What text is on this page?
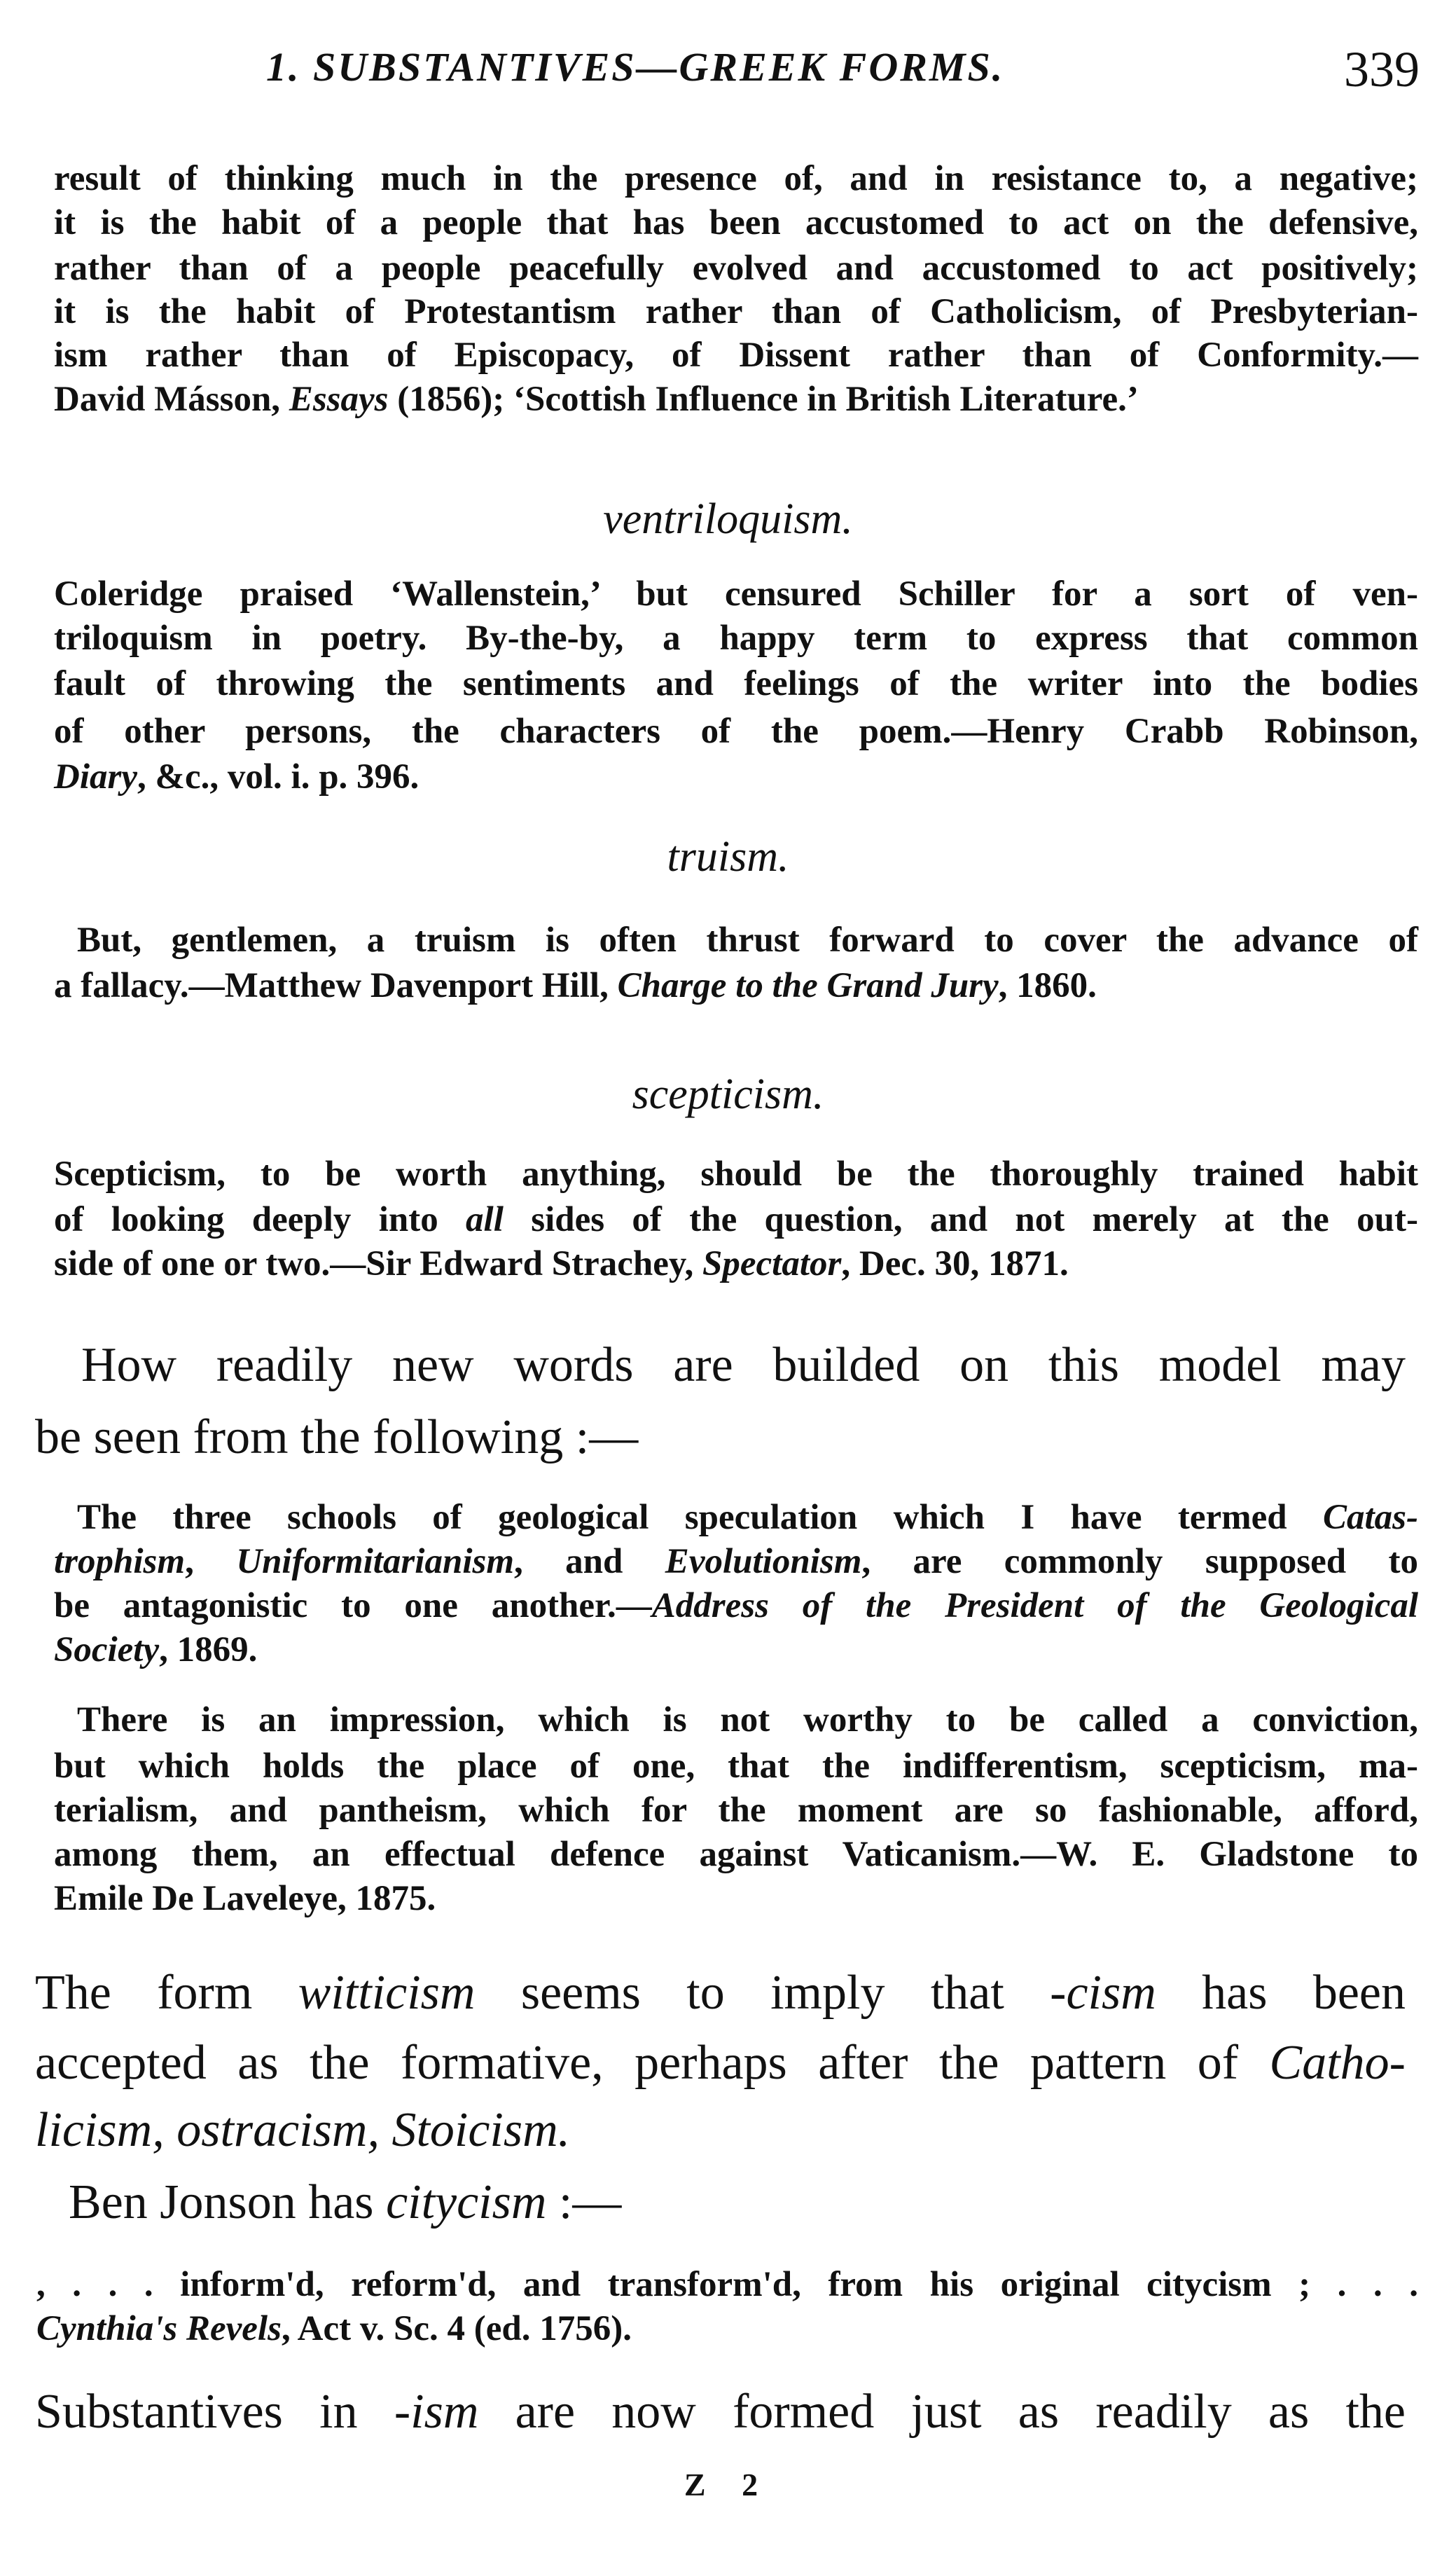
1. SUBSTANTIVES—GREEK FORMS.	339
result of thinking much in the presence of, and in resistance to, a negative;
it is the habit of a people that has been accustomed to act on the defensive,
rather than of a people peacefully evolved and accustomed to act positively;
it is the habit of Protestantism rather than of Catholicism, of Presbyterian-
ism rather than of Episcopacy, of Dissent rather than of Conformity.—
David Másson, Essays (1856); ‘Scottish Influence in British Literature.’
ventriloquism.
Coleridge praised ‘Wallenstein,’ but censured Schiller for a sort of ven-
triloquism in poetry. By-the-by, a happy term to express that common
fault of throwing the sentiments and feelings of the writer into the bodies
of other persons, the characters of the poem.—Henry Crabb Robinson,
Diary, &c., vol. i. p. 396.
truism.
But, gentlemen, a truism is often thrust forward to cover the advance of
a fallacy.—Matthew Davenport Hill, Charge to the Grand Jury, 1860.
scepticism.
Scepticism, to be worth anything, should be the thoroughly trained habit
of looking deeply into all sides of the question, and not merely at the out-
side of one or two.—Sir Edward Strachey, Spectator, Dec. 30, 1871.
How readily new words are builded on this model may
be seen from the following :—
The three schools of geological speculation which I have termed Catas-
trophism, Uniformitarianism, and Evolutionism, are commonly supposed to
be antagonistic to one another.—Address of the President of the Geological
Society, 1869.
There is an impression, which is not worthy to be called a conviction,
but which holds the place of one, that the indifferentism, scepticism, ma-
terialism, and pantheism, which for the moment are so fashionable, afford,
among them, an effectual defence against Vaticanism.—W. E. Gladstone to
Emile De Laveleye, 1875.
The form witticism seems to imply that -cism has been
accepted as the formative, perhaps after the pattern of Catho-
licism, ostracism, Stoicism.
Ben Jonson has citycism :—
, . . . inform'd, reform'd, and transform'd, from his original citycism ; . . .
Cynthia's Revels, Act v. Sc. 4 (ed. 1756).
Substantives in -ism are now formed just as readily as the
Z 2
